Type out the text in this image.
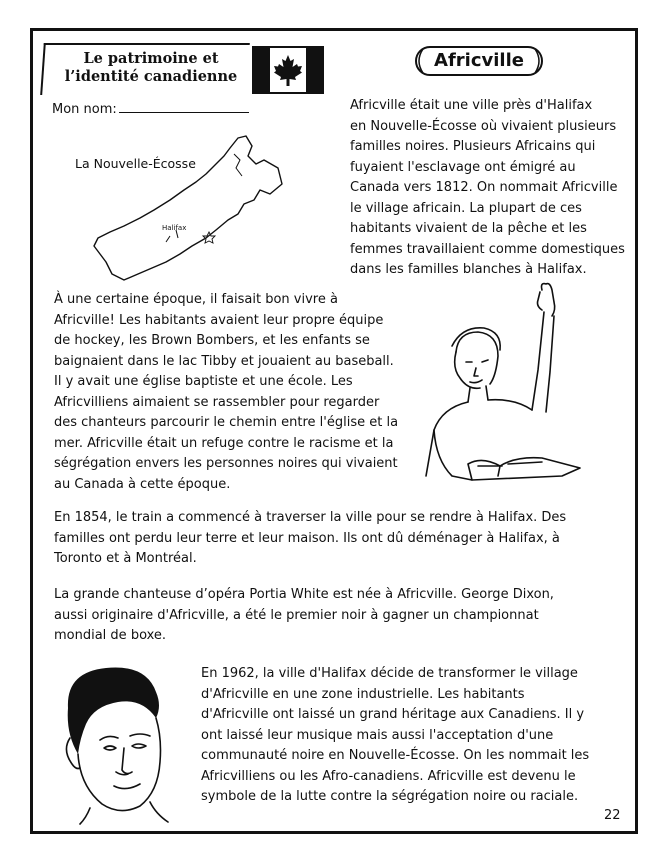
Le patrimoine et
l’identité canadienne
Mon nom:
Africville
Africville était une ville près d'Halifax
en Nouvelle-Écosse où vivaient plusieurs
familles noires. Plusieurs Africains qui
fuyaient l'esclavage ont émigré au
Canada vers 1812. On nommait Africville
le village africain. La plupart de ces
habitants vivaient de la pêche et les
femmes travaillaient comme domestiques
dans les familles blanches à Halifax.
La Nouvelle-Écosse
Halifax
À une certaine époque, il faisait bon vivre à
Africville! Les habitants avaient leur propre équipe
de hockey, les Brown Bombers, et les enfants se
baignaient dans le lac Tibby et jouaient au baseball.
Il y avait une église baptiste et une école. Les
Africvilliens aimaient se rassembler pour regarder
des chanteurs parcourir le chemin entre l'église et la
mer. Africville était un refuge contre le racisme et la
ségrégation envers les personnes noires qui vivaient
au Canada à cette époque.
En 1854, le train a commencé à traverser la ville pour se rendre à Halifax. Des
familles ont perdu leur terre et leur maison. Ils ont dû déménager à Halifax, à
Toronto et à Montréal.
La grande chanteuse d’opéra Portia White est née à Africville. George Dixon,
aussi originaire d'Africville, a été le premier noir à gagner un championnat
mondial de boxe.
En 1962, la ville d'Halifax décide de transformer le village
d'Africville en une zone industrielle. Les habitants
d'Africville ont laissé un grand héritage aux Canadiens. Il y
ont laissé leur musique mais aussi l'acceptation d'une
communauté noire en Nouvelle-Écosse. On les nommait les
Africvilliens ou les Afro-canadiens. Africville est devenu le
symbole de la lutte contre la ségrégation noire ou raciale.
22
